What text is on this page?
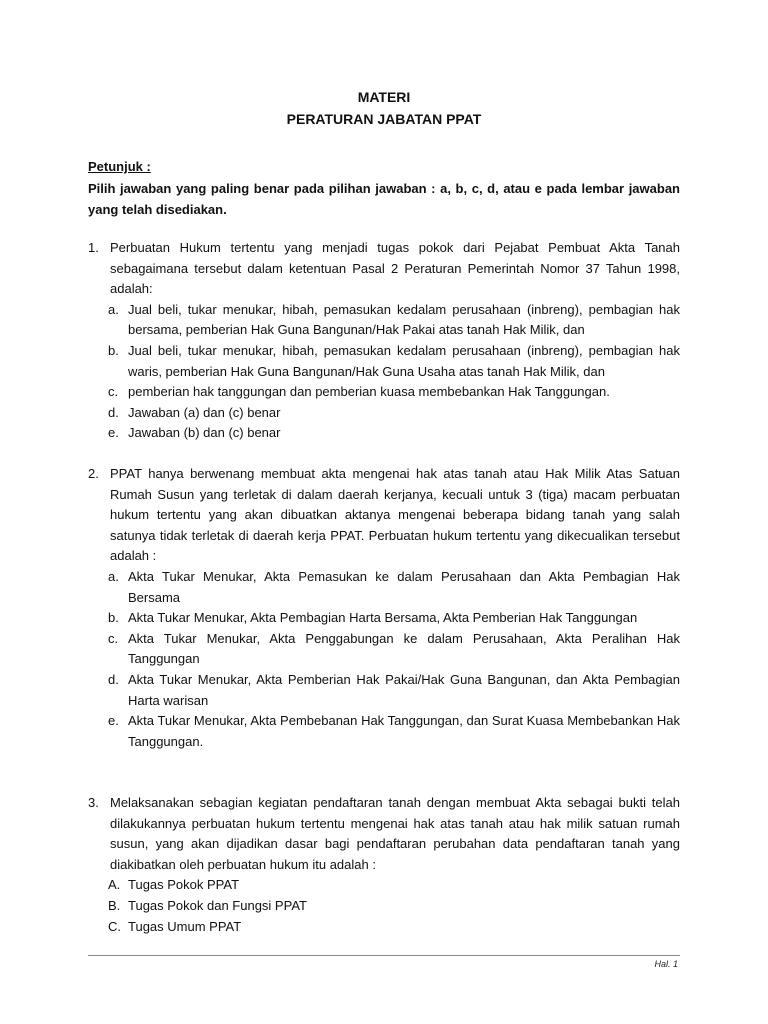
MATERI
PERATURAN JABATAN PPAT
Petunjuk :
Pilih jawaban yang paling benar pada pilihan jawaban : a, b, c, d, atau e pada lembar jawaban yang telah disediakan.
1. Perbuatan Hukum tertentu yang menjadi tugas pokok dari Pejabat Pembuat Akta Tanah sebagaimana tersebut dalam ketentuan Pasal 2 Peraturan Pemerintah Nomor 37 Tahun 1998, adalah:
a. Jual beli, tukar menukar, hibah, pemasukan kedalam perusahaan (inbreng), pembagian hak bersama, pemberian Hak Guna Bangunan/Hak Pakai atas tanah Hak Milik, dan
b. Jual beli, tukar menukar, hibah, pemasukan kedalam perusahaan (inbreng), pembagian hak waris, pemberian Hak Guna Bangunan/Hak Guna Usaha atas tanah Hak Milik, dan
c. pemberian hak tanggungan dan pemberian kuasa membebankan Hak Tanggungan.
d. Jawaban (a) dan (c) benar
e. Jawaban (b) dan (c) benar
2. PPAT hanya berwenang membuat akta mengenai hak atas tanah atau Hak Milik Atas Satuan Rumah Susun yang terletak di dalam daerah kerjanya, kecuali untuk 3 (tiga) macam perbuatan hukum tertentu yang akan dibuatkan aktanya mengenai beberapa bidang tanah yang salah satunya tidak terletak di daerah kerja PPAT. Perbuatan hukum tertentu yang dikecualikan tersebut adalah :
a. Akta Tukar Menukar, Akta Pemasukan ke dalam Perusahaan dan Akta Pembagian Hak Bersama
b. Akta Tukar Menukar, Akta Pembagian Harta Bersama, Akta Pemberian Hak Tanggungan
c. Akta Tukar Menukar, Akta Penggabungan ke dalam Perusahaan, Akta Peralihan Hak Tanggungan
d. Akta Tukar Menukar, Akta Pemberian Hak Pakai/Hak Guna Bangunan, dan Akta Pembagian Harta warisan
e. Akta Tukar Menukar, Akta Pembebanan Hak Tanggungan, dan Surat Kuasa Membebankan Hak Tanggungan.
3. Melaksanakan sebagian kegiatan pendaftaran tanah dengan membuat Akta sebagai bukti telah dilakukannya perbuatan hukum tertentu mengenai hak atas tanah atau hak milik satuan rumah susun, yang akan dijadikan dasar bagi pendaftaran perubahan data pendaftaran tanah yang diakibatkan oleh perbuatan hukum itu adalah :
A. Tugas Pokok PPAT
B. Tugas Pokok dan Fungsi PPAT
C. Tugas Umum PPAT
Hal. 1
